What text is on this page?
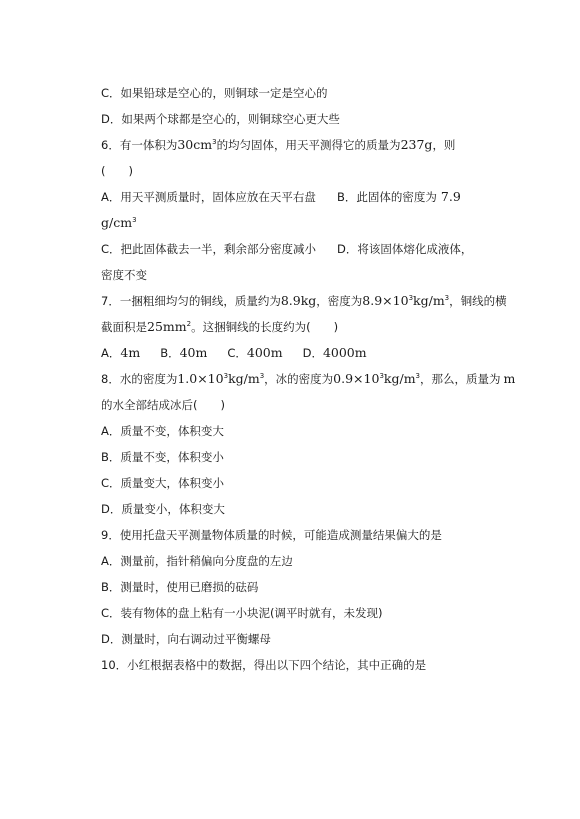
C．如果铅球是空心的，则铜球一定是空心的
D．如果两个球都是空心的，则铜球空心更大些
6．有一体积为$30cm^3$的均匀固体，用天平测得它的质量为237g，则
(　　)
A．用天平测质量时，固体应放在天平右盘 B．此固体的密度为 7.9
$g/cm^3$
C．把此固体截去一半，剩余部分密度减小 D．将该固体熔化成液体，
密度不变
7．一捆粗细均匀的铜线，质量约为8.9kg，密度为$8.9\times 10^3kg/m^3$，铜线的横
截面积是$25mm^2$。这捆铜线的长度约为(　　)
A．4m B．40m C．400m D．4000m
8．水的密度为$1.0\times 10^3kg/m^3$，冰的密度为$0.9\times 10^3kg/m^3$，那么，质量为 m
的水全部结成冰后(　　)
A．质量不变，体积变大
B．质量不变，体积变小
C．质量变大，体积变小
D．质量变小，体积变大
9．使用托盘天平测量物体质量的时候，可能造成测量结果偏大的是
A．测量前，指针稍偏向分度盘的左边
B．测量时，使用已磨损的砝码
C．装有物体的盘上粘有一小块泥(调平时就有，未发现)
D．测量时，向右调动过平衡螺母
10．小红根据表格中的数据，得出以下四个结论，其中正确的是
